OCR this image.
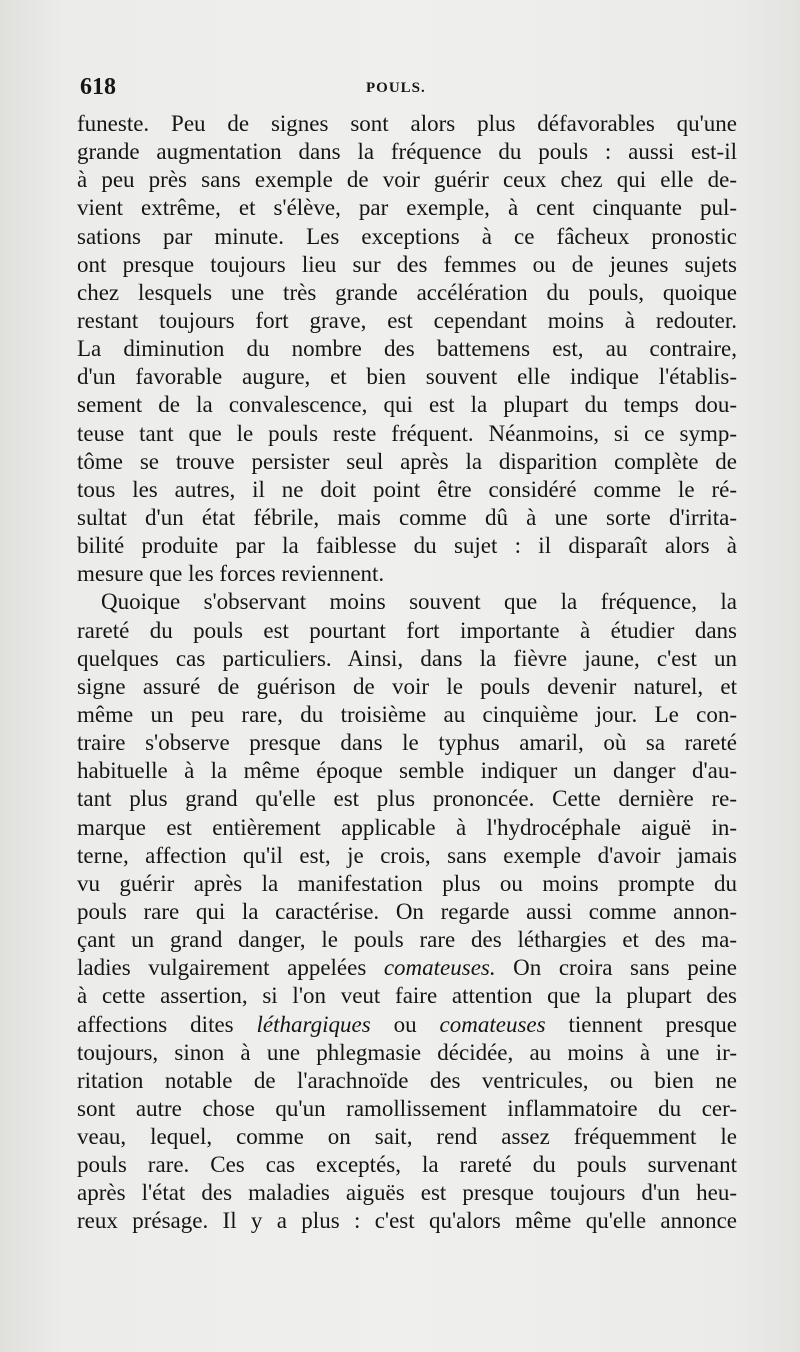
618	POULS.
funeste. Peu de signes sont alors plus défavorables qu'une
grande augmentation dans la fréquence du pouls : aussi est-il
à peu près sans exemple de voir guérir ceux chez qui elle de-
vient extrême, et s'élève, par exemple, à cent cinquante pul-
sations par minute. Les exceptions à ce fâcheux pronostic
ont presque toujours lieu sur des femmes ou de jeunes sujets
chez lesquels une très grande accélération du pouls, quoique
restant toujours fort grave, est cependant moins à redouter.
La diminution du nombre des battemens est, au contraire,
d'un favorable augure, et bien souvent elle indique l'établis-
sement de la convalescence, qui est la plupart du temps dou-
teuse tant que le pouls reste fréquent. Néanmoins, si ce symp-
tôme se trouve persister seul après la disparition complète de
tous les autres, il ne doit point être considéré comme le ré-
sultat d'un état fébrile, mais comme dû à une sorte d'irrita-
bilité produite par la faiblesse du sujet : il disparaît alors à
mesure que les forces reviennent.
Quoique s'observant moins souvent que la fréquence, la
rareté du pouls est pourtant fort importante à étudier dans
quelques cas particuliers. Ainsi, dans la fièvre jaune, c'est un
signe assuré de guérison de voir le pouls devenir naturel, et
même un peu rare, du troisième au cinquième jour. Le con-
traire s'observe presque dans le typhus amaril, où sa rareté
habituelle à la même époque semble indiquer un danger d'au-
tant plus grand qu'elle est plus prononcée. Cette dernière re-
marque est entièrement applicable à l'hydrocéphale aiguë in-
terne, affection qu'il est, je crois, sans exemple d'avoir jamais
vu guérir après la manifestation plus ou moins prompte du
pouls rare qui la caractérise. On regarde aussi comme annon-
çant un grand danger, le pouls rare des léthargies et des ma-
ladies vulgairement appelées comateuses. On croira sans peine
à cette assertion, si l'on veut faire attention que la plupart des
affections dites léthargiques ou comateuses tiennent presque
toujours, sinon à une phlegmasie décidée, au moins à une ir-
ritation notable de l'arachnoïde des ventricules, ou bien ne
sont autre chose qu'un ramollissement inflammatoire du cer-
veau, lequel, comme on sait, rend assez fréquemment le
pouls rare. Ces cas exceptés, la rareté du pouls survenant
après l'état des maladies aiguës est presque toujours d'un heu-
reux présage. Il y a plus : c'est qu'alors même qu'elle annonce
